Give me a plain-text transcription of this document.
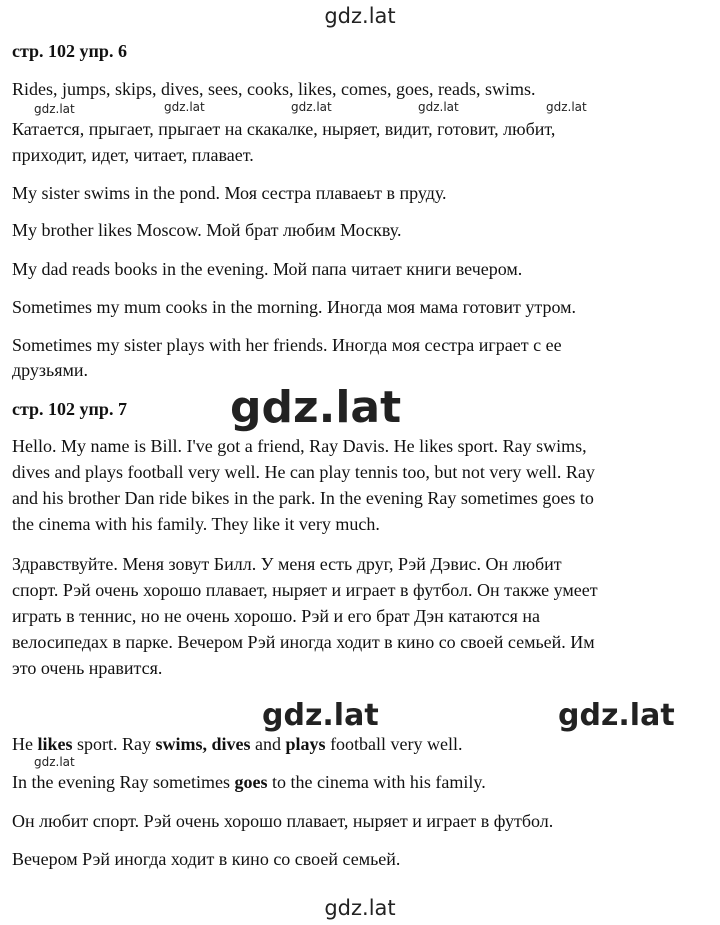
gdz.lat
gdz.lat	gdz.lat	gdz.lat	gdz.lat	gdz.lat
gdz.lat
gdz.lat	gdz.lat
gdz.lat
gdz.lat
стр. 102 упр. 6
Rides, jumps, skips, dives, sees, cooks, likes, comes, goes, reads, swims.
Катается, прыгает, прыгает на скакалке, ныряет, видит, готовит, любит,
приходит, идет, читает, плавает.
My sister swims in the pond. Моя сестра плаваеьт в пруду.
My brother likes Moscow. Мой брат любим Москву.
My dad reads books in the evening. Мой папа читает книги вечером.
Sometimes my mum cooks in the morning. Иногда моя мама готовит утром.
Sometimes my sister plays with her friends. Иногда моя сестра играет с ее
друзьями.
стр. 102 упр. 7
Hello. My name is Bill. I've got a friend, Ray Davis. He likes sport. Ray swims,
dives and plays football very well. He can play tennis too, but not very well. Ray
and his brother Dan ride bikes in the park. In the evening Ray sometimes goes to
the cinema with his family. They like it very much.
Здравствуйте. Меня зовут Билл. У меня есть друг, Рэй Дэвис. Он любит
спорт. Рэй очень хорошо плавает, ныряет и играет в футбол. Он также умеет
играть в теннис, но не очень хорошо. Рэй и его брат Дэн катаются на
велосипедах в парке. Вечером Рэй иногда ходит в кино со своей семьей. Им
это очень нравится.
He likes sport. Ray swims, dives and plays football very well.
In the evening Ray sometimes goes to the cinema with his family.
Он любит спорт. Рэй очень хорошо плавает, ныряет и играет в футбол.
Вечером Рэй иногда ходит в кино со своей семьей.
